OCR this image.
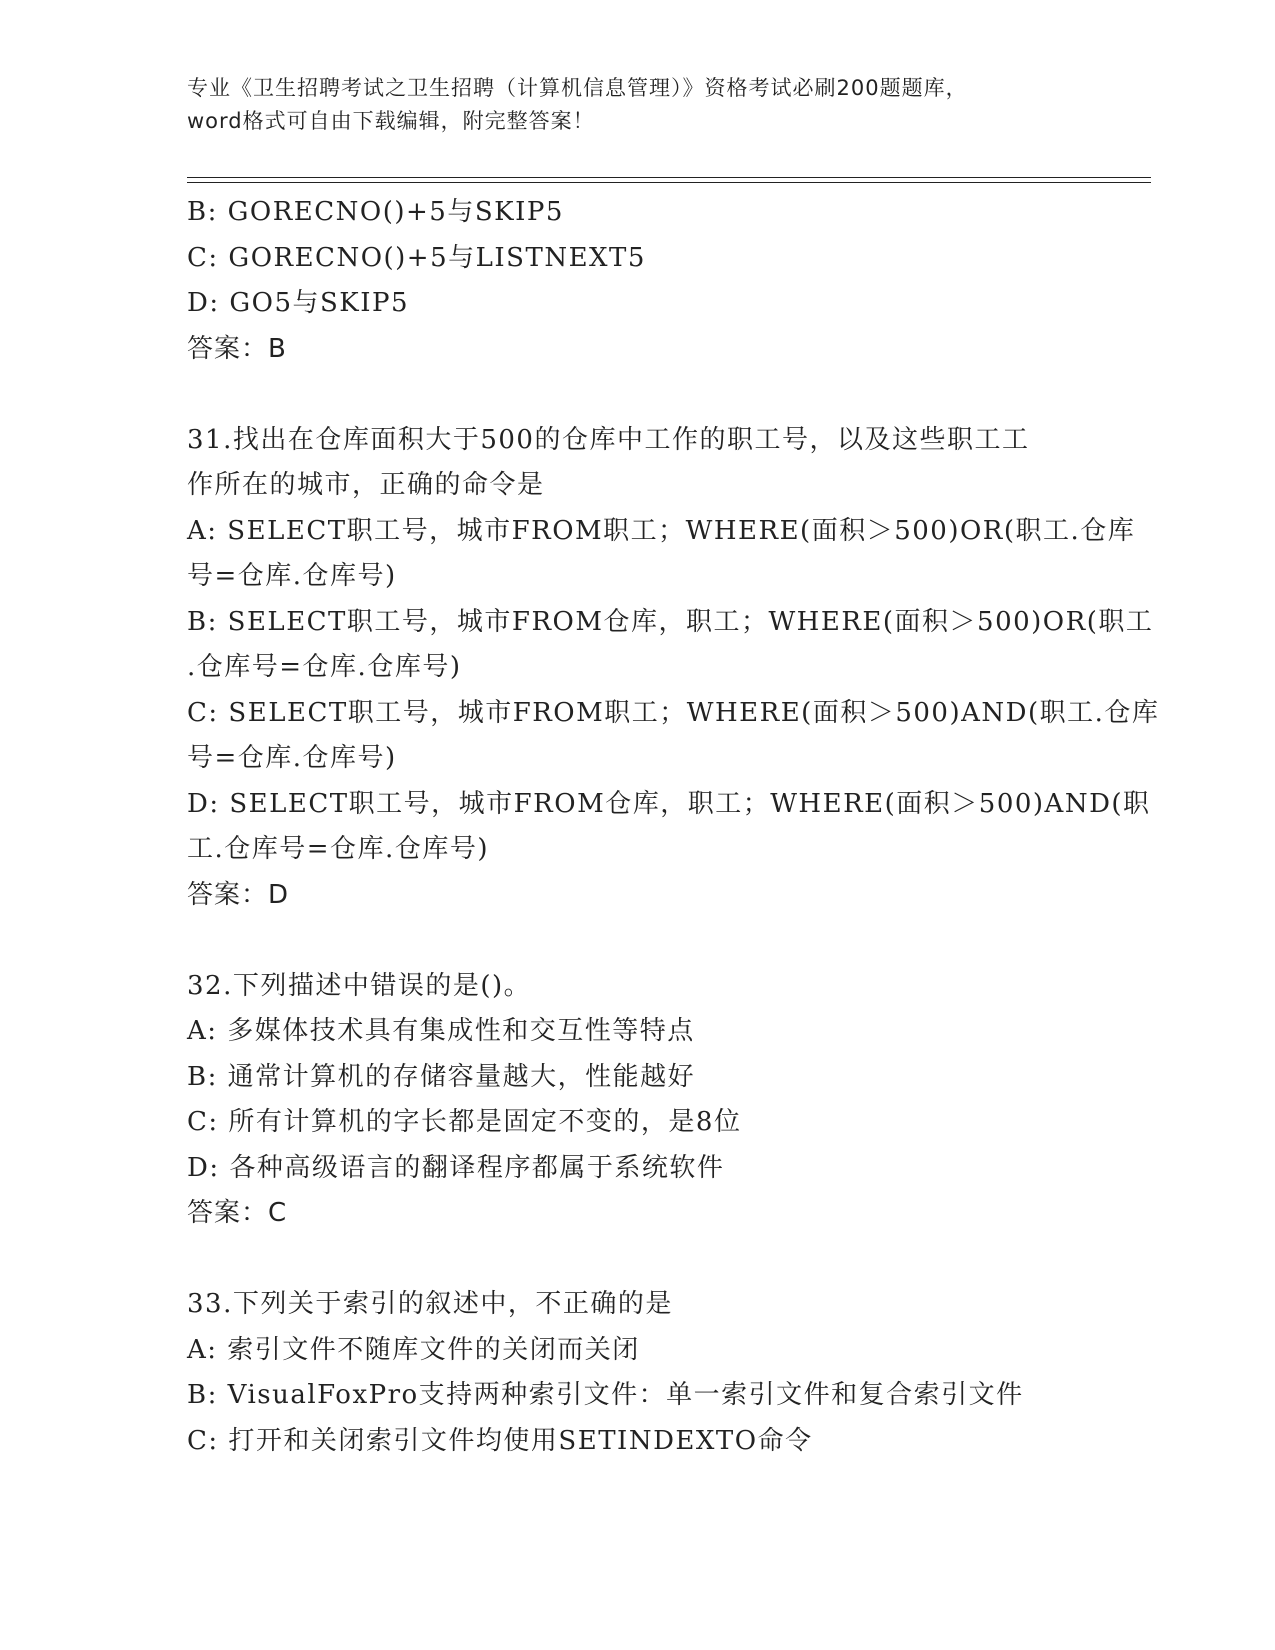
专业《卫生招聘考试之卫生招聘（计算机信息管理）》资格考试必刷200题题库，
word格式可自由下载编辑，附完整答案！
B: GORECNO()+5与SKIP5
C: GORECNO()+5与LISTNEXT5
D: GO5与SKIP5
答案：B
31.找出在仓库面积大于500的仓库中工作的职工号，以及这些职工工
作所在的城市，正确的命令是
A: SELECT职工号，城市FROM职工；WHERE(面积＞500)OR(职工.仓库
号=仓库.仓库号)
B: SELECT职工号，城市FROM仓库，职工；WHERE(面积＞500)OR(职工
.仓库号=仓库.仓库号)
C: SELECT职工号，城市FROM职工；WHERE(面积＞500)AND(职工.仓库
号=仓库.仓库号)
D: SELECT职工号，城市FROM仓库，职工；WHERE(面积＞500)AND(职
工.仓库号=仓库.仓库号)
答案：D
32.下列描述中错误的是()。
A: 多媒体技术具有集成性和交互性等特点
B: 通常计算机的存储容量越大，性能越好
C: 所有计算机的字长都是固定不变的，是8位
D: 各种高级语言的翻译程序都属于系统软件
答案：C
33.下列关于索引的叙述中，不正确的是
A: 索引文件不随库文件的关闭而关闭
B: VisualFoxPro支持两种索引文件：单一索引文件和复合索引文件
C: 打开和关闭索引文件均使用SETINDEXTO命令
